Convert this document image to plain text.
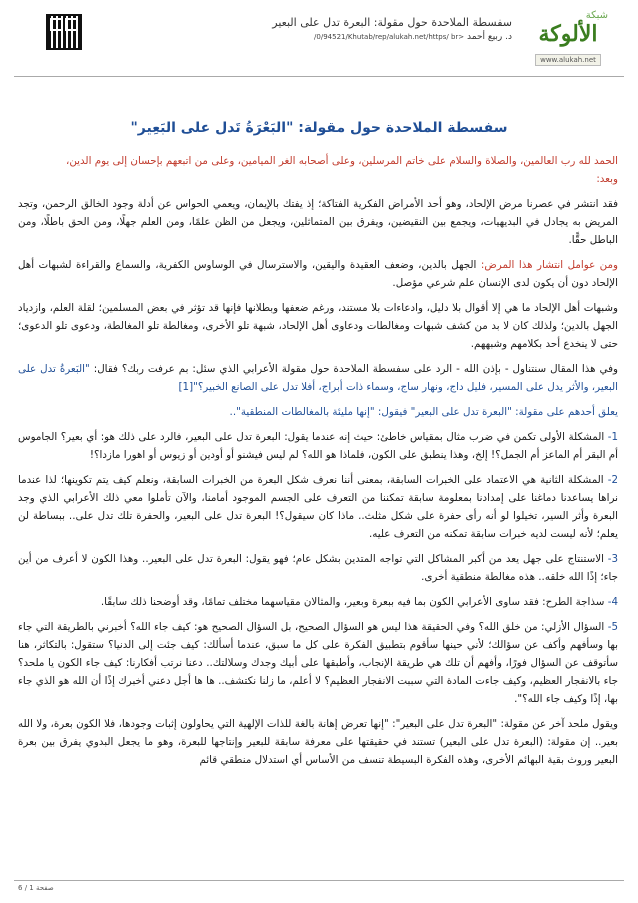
شبكة
الألوكة
www.alukah.net
سفسطة الملاحدة حول مقولة: البعرة تدل على البعير
د. ربيع أحمد /0/94521/Khutab/rep/alukah.net/https/ br>
سفسطة الملاحدة حول مقولة: "البَعْرَةُ تَدل على البَعِير"

الحمد لله رب العالمين، والصلاة والسلام على خاتم المرسلين، وعلى أصحابه الغر الميامين، وعلى من اتبعهم بإحسان إلى يوم الدين،
وبعد:

فقد انتشر في عصرنا مرض الإلحاد، وهو أحد الأمراض الفكرية الفتاكة؛ إذ يفتك بالإيمان، ويعمي الحواس عن أدلة وجود الخالق الرحمن، وتجد المريض به يجادل في البديهيات، ويجمع بين النقيضين، ويفرق بين المتماثلين، ويجعل من الظن علمًا، ومن العلم جهلًا، ومن الحق باطلًا، ومن الباطل حقًّا.

ومن عوامل انتشار هذا المرض: الجهل بالدين، وضعف العقيدة واليقين، والاسترسال في الوساوس الكفرية، والسماع والقراءة لشبهات أهل الإلحاد دون أن يكون لدى الإنسان علم شرعي مؤصل.

وشبهات أهل الإلحاد ما هي إلا أقوال بلا دليل، وادعاءات بلا مستند، ورغم ضعفها وبطلانها فإنها قد تؤثر في بعض المسلمين؛ لقلة العلم، وازدياد الجهل بالدين؛ ولذلك كان لا بد من كشف شبهات ومغالطات ودعاوى أهل الإلحاد، شبهة تلو الأخرى، ومغالطة تلو المغالطة، ودعوى تلو الدعوى؛ حتى لا ينخدع أحد بكلامهم وشبههم.

وفي هذا المقال سنتناول - بإذن الله - الرد على سفسطة الملاحدة حول مقولة الأعرابي الذي سئل: بم عرفت ربك؟ فقال: "البَعرةُ تدل على البعير، والأثر يدل على المسير، فليل داج، ونهار ساج، وسماء ذات أبراج، أفلا تدل على الصانع الخبير؟"[1]

يعلق أحدهم على مقولة: "البعرة تدل على البعير" فيقول: "إنها مليئة بالمغالطات المنطقية"..

1- المشكلة الأولى تكمن في ضرب مثال بمقياس خاطئ: حيث إنه عندما يقول: البعرة تدل على البعير، فالرد على ذلك هو: أي بعير؟ الجاموس أم البقر أم الماعز أم الجمل؟! إلخ، وهذا ينطبق على الكون، فلماذا هو الله؟ لم ليس فيشنو أو أودين أو زيوس أو اهورا مازدا؟!

2- المشكلة الثانية هي الاعتماد على الخبرات السابقة، بمعنى أننا نعرف شكل البعرة من الخبرات السابقة، ونعلم كيف يتم تكوينها؛ لذا عندما نراها يساعدنا دماغنا على إمدادنا بمعلومة سابقة تمكننا من التعرف على الجسم الموجود أمامنا، والآن تأملوا معي ذلك الأعرابي الذي وجد البعرة وأثر السير، تخيلوا لو أنه رأى حفرة على شكل مثلث.. ماذا كان سيقول؟! البعرة تدل على البعير، والحفرة تلك تدل على.. ببساطة لن يعلم؛ لأنه ليست لديه خبرات سابقة تمكنه من التعرف عليه.

3- الاستنتاج على جهل يعد من أكبر المشاكل التي تواجه المتدين بشكل عام؛ فهو يقول: البعرة تدل على البعير.. وهذا الكون لا أعرف من أين جاء؛ إذًا الله خلقه.. هذه مغالطة منطقية أخرى.

4- سذاجة الطرح: فقد ساوى الأعرابي الكون بما فيه ببعرة وبعير، والمثالان مقياسهما مختلف تمامًا، وقد أوضحنا ذلك سابقًا.

5- السؤال الأزلي: من خلق الله؟ وفي الحقيقة هذا ليس هو السؤال الصحيح، بل السؤال الصحيح هو: كيف جاء الله؟ أخبرني بالطريقة التي جاء بها وسأفهم وأكف عن سؤالك؛ لأني حينها سأقوم بتطبيق الفكرة على كل ما سبق، عندما أسألك: كيف جئت إلى الدنيا؟ ستقول: بالتكاثر، هنا سأتوقف عن السؤال فورًا، وأفهم أن تلك هي طريقة الإنجاب، وأطبقها على أبيك وجدك وسلالتك.. دعنا نرتب أفكارنا: كيف جاء الكون يا ملحد؟ جاء بالانفجار العظيم، وكيف جاءت المادة التي سببت الانفجار العظيم؟ لا أعلم، ما زلنا نكتشف.. ها ها أجل دعني أخبرك إذًا أن الله هو الذي جاء بها، إذًا وكيف جاء الله؟".

ويقول ملحد آخر عن مقولة: "البعرة تدل على البعير": "إنها تعرض إهانة بالغة للذات الإلهية التي يحاولون إثبات وجودها، فلا الكون بعرة، ولا الله بعير.. إن مقولة: (البعرة تدل على البعير) تستند في حقيقتها على معرفة سابقة للبعير وإنتاجها للبعرة، وهو ما يجعل البدوي يفرق بين بعرة البعير وروث بقية البهائم الأخرى، وهذه الفكرة البسيطة تنسف من الأساس أي استدلال منطقي قائم

صفحة 1 / 6
